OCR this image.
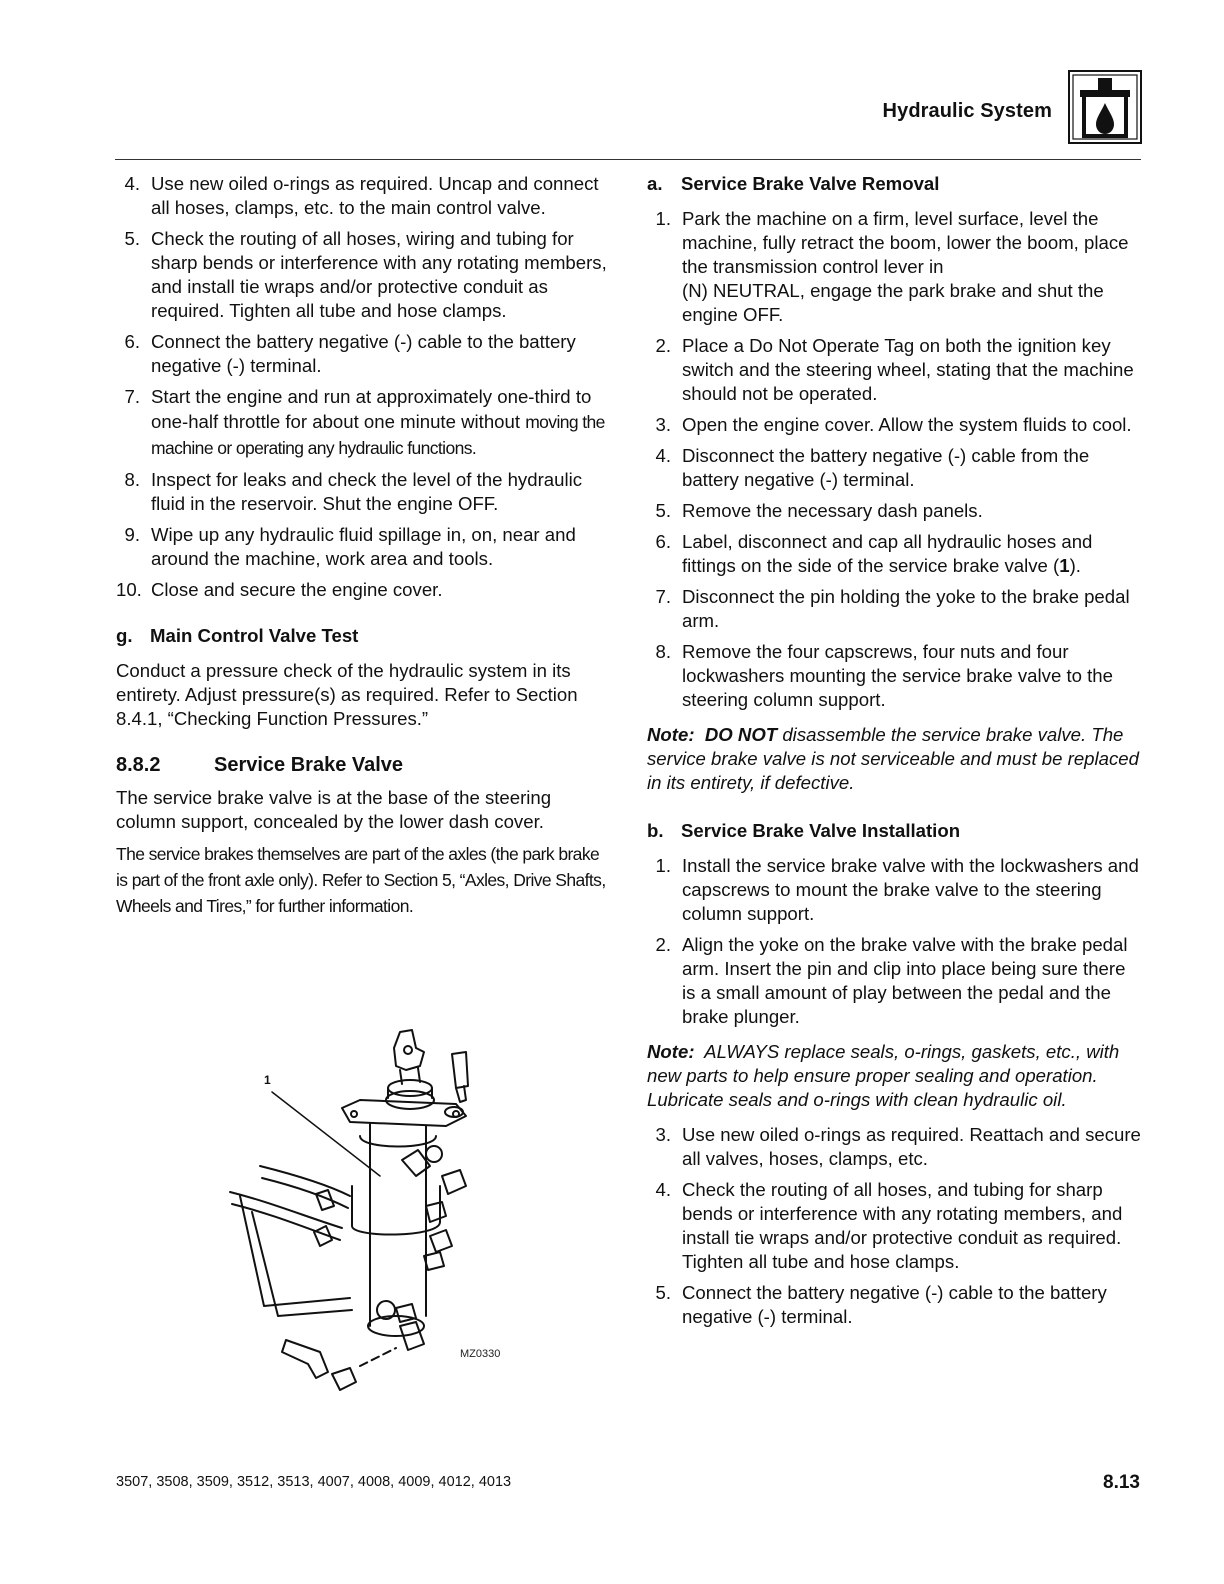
Hydraulic System
4. Use new oiled o-rings as required. Uncap and connect all hoses, clamps, etc. to the main control valve.
5. Check the routing of all hoses, wiring and tubing for sharp bends or interference with any rotating members, and install tie wraps and/or protective conduit as required. Tighten all tube and hose clamps.
6. Connect the battery negative (-) cable to the battery negative (-) terminal.
7. Start the engine and run at approximately one-third to one-half throttle for about one minute without moving the machine or operating any hydraulic functions.
8. Inspect for leaks and check the level of the hydraulic fluid in the reservoir. Shut the engine OFF.
9. Wipe up any hydraulic fluid spillage in, on, near and around the machine, work area and tools.
10. Close and secure the engine cover.

g. Main Control Valve Test

Conduct a pressure check of the hydraulic system in its entirety. Adjust pressure(s) as required. Refer to Section 8.4.1, “Checking Function Pressures.”

8.8.2	Service Brake Valve

The service brake valve is at the base of the steering column support, concealed by the lower dash cover.

The service brakes themselves are part of the axles (the park brake is part of the front axle only). Refer to Section 5, “Axles, Drive Shafts, Wheels and Tires,” for further information.

1
MZ0330

a. Service Brake Valve Removal

1. Park the machine on a firm, level surface, level the machine, fully retract the boom, lower the boom, place the transmission control lever in
(N) NEUTRAL, engage the park brake and shut the engine OFF.
2. Place a Do Not Operate Tag on both the ignition key switch and the steering wheel, stating that the machine should not be operated.
3. Open the engine cover. Allow the system fluids to cool.
4. Disconnect the battery negative (-) cable from the battery negative (-) terminal.
5. Remove the necessary dash panels.
6. Label, disconnect and cap all hydraulic hoses and fittings on the side of the service brake valve (1).
7. Disconnect the pin holding the yoke to the brake pedal arm.
8. Remove the four capscrews, four nuts and four lockwashers mounting the service brake valve to the steering column support.

Note: DO NOT disassemble the service brake valve. The service brake valve is not serviceable and must be replaced in its entirety, if defective.

b. Service Brake Valve Installation

1. Install the service brake valve with the lockwashers and capscrews to mount the brake valve to the steering column support.
2. Align the yoke on the brake valve with the brake pedal arm. Insert the pin and clip into place being sure there is a small amount of play between the pedal and the brake plunger.

Note: ALWAYS replace seals, o-rings, gaskets, etc., with new parts to help ensure proper sealing and operation. Lubricate seals and o-rings with clean hydraulic oil.

3. Use new oiled o-rings as required. Reattach and secure all valves, hoses, clamps, etc.
4. Check the routing of all hoses, and tubing for sharp bends or interference with any rotating members, and install tie wraps and/or protective conduit as required. Tighten all tube and hose clamps.
5. Connect the battery negative (-) cable to the battery negative (-) terminal.
3507, 3508, 3509, 3512, 3513, 4007, 4008, 4009, 4012, 4013	8.13
